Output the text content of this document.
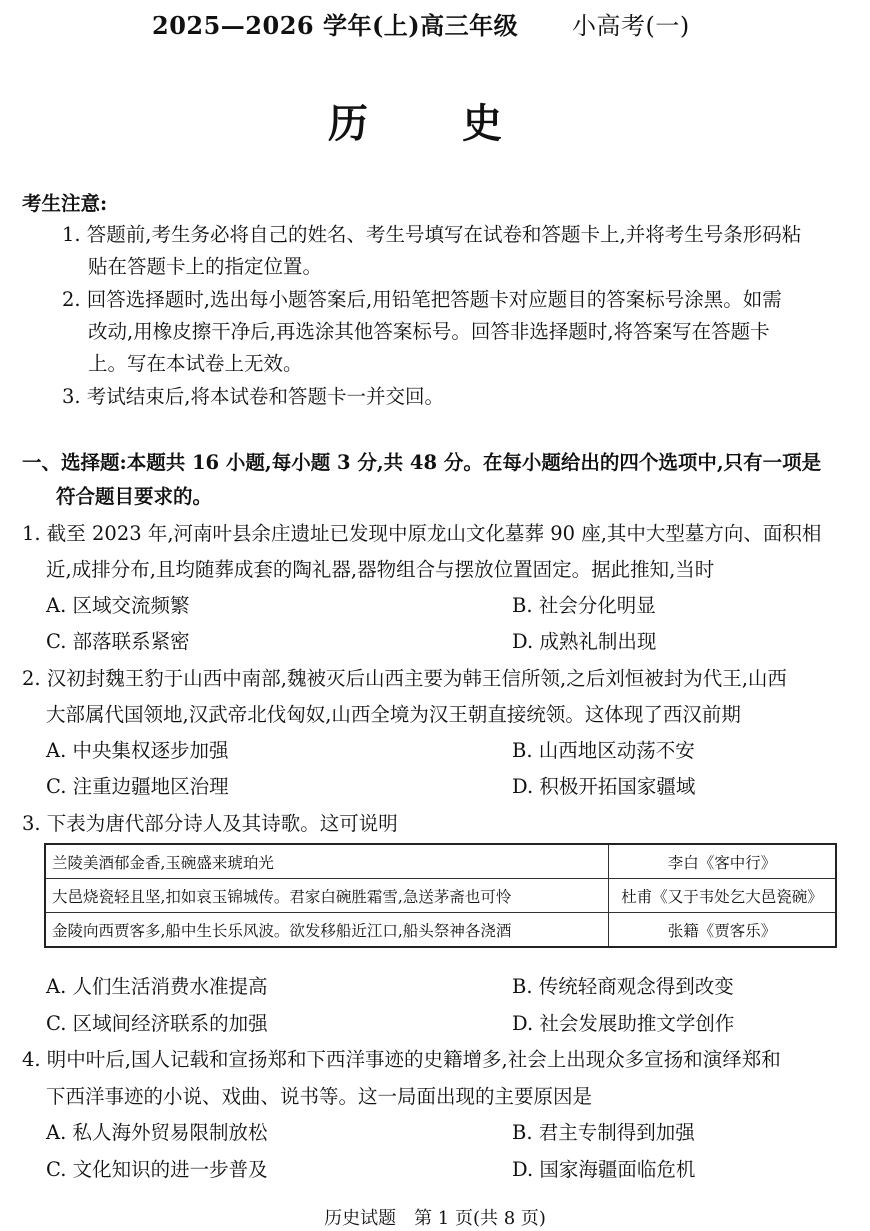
2025—2026 学年(上)高三年级 小高考(一)
历 史
考生注意:
1. 答题前,考生务必将自己的姓名、考生号填写在试卷和答题卡上,并将考生号条形码粘
贴在答题卡上的指定位置。
2. 回答选择题时,选出每小题答案后,用铅笔把答题卡对应题目的答案标号涂黑。如需
改动,用橡皮擦干净后,再选涂其他答案标号。回答非选择题时,将答案写在答题卡
上。写在本试卷上无效。
3. 考试结束后,将本试卷和答题卡一并交回。
一、选择题:本题共 16 小题,每小题 3 分,共 48 分。在每小题给出的四个选项中,只有一项是
符合题目要求的。
1. 截至 2023 年,河南叶县余庄遗址已发现中原龙山文化墓葬 90 座,其中大型墓方向、面积相
近,成排分布,且均随葬成套的陶礼器,器物组合与摆放位置固定。据此推知,当时
A. 区域交流频繁	B. 社会分化明显
C. 部落联系紧密	D. 成熟礼制出现
2. 汉初封魏王豹于山西中南部,魏被灭后山西主要为韩王信所领,之后刘恒被封为代王,山西
大部属代国领地,汉武帝北伐匈奴,山西全境为汉王朝直接统领。这体现了西汉前期
A. 中央集权逐步加强	B. 山西地区动荡不安
C. 注重边疆地区治理	D. 积极开拓国家疆域
3. 下表为唐代部分诗人及其诗歌。这可说明
兰陵美酒郁金香,玉碗盛来琥珀光	李白《客中行》
大邑烧瓷轻且坚,扣如哀玉锦城传。君家白碗胜霜雪,急送茅斋也可怜	杜甫《又于韦处乞大邑瓷碗》
金陵向西贾客多,船中生长乐风波。欲发移船近江口,船头祭神各浇酒	张籍《贾客乐》
A. 人们生活消费水准提高	B. 传统轻商观念得到改变
C. 区域间经济联系的加强	D. 社会发展助推文学创作
4. 明中叶后,国人记载和宣扬郑和下西洋事迹的史籍增多,社会上出现众多宣扬和演绎郑和
下西洋事迹的小说、戏曲、说书等。这一局面出现的主要原因是
A. 私人海外贸易限制放松	B. 君主专制得到加强
C. 文化知识的进一步普及	D. 国家海疆面临危机
历史试题　第 1 页(共 8 页)
